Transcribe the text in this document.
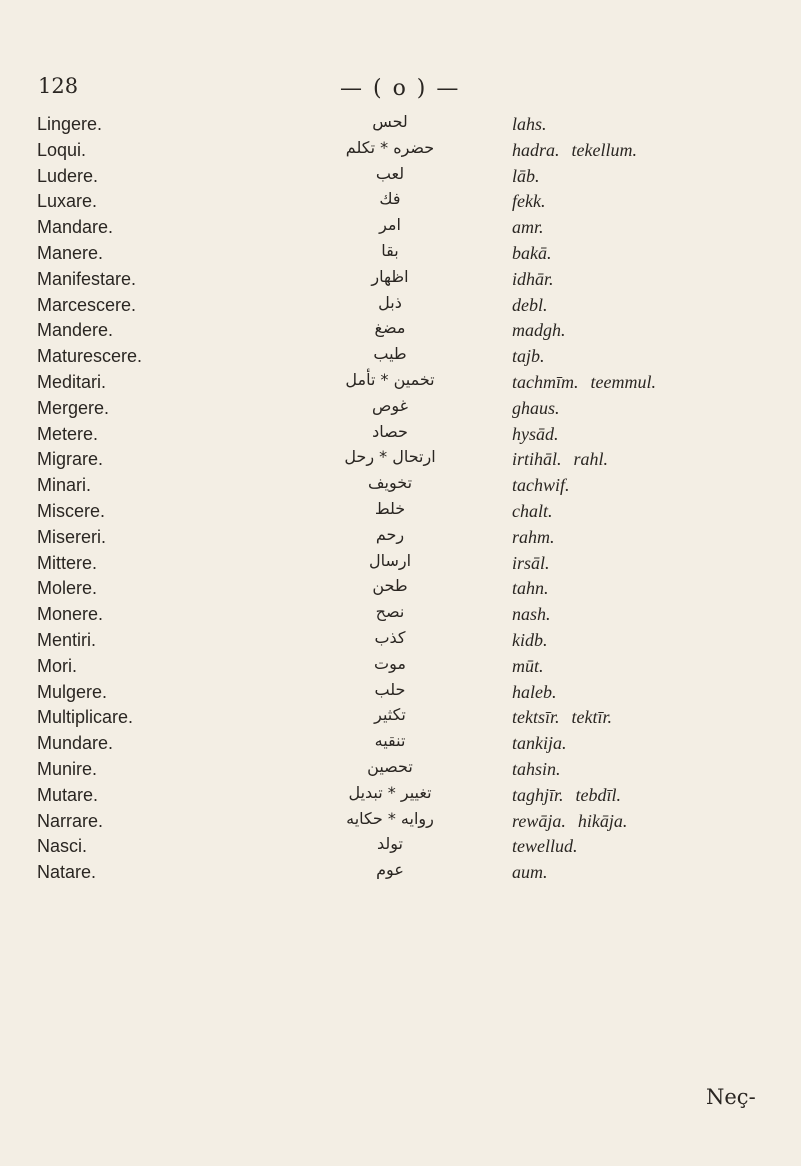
128	— ( o ) —
Lingere.	لحس	lahs.
Loqui.	حضره * تكلم	hadra. tekellum.
Ludere.	لعب	lāb.
Luxare.	فك	fekk.
Mandare.	امر	amr.
Manere.	بقا	bakā.
Manifestare.	اظهار	idhār.
Marcescere.	ذبل	debl.
Mandere.	مضغ	madgh.
Maturescere.	طيب	tajb.
Meditari.	تخمين * تأمل	tachmīm. teemmul.
Mergere.	غوص	ghaus.
Metere.	حصاد	hysād.
Migrare.	ارتحال * رحل	irtihāl. rahl.
Minari.	تخويف	tachwif.
Miscere.	خلط	chalt.
Misereri.	رحم	rahm.
Mittere.	ارسال	irsāl.
Molere.	طحن	tahn.
Monere.	نصح	nash.
Mentiri.	كذب	kidb.
Mori.	موت	mūt.
Mulgere.	حلب	haleb.
Multiplicare.	تكثير	tektsīr. tektīr.
Mundare.	تنقيه	tankija.
Munire.	تحصين	tahsin.
Mutare.	تغيير * تبديل	taghjīr. tebdīl.
Narrare.	روايه * حكايه	rewāja. hikāja.
Nasci.	تولد	tewellud.
Natare.	عوم	aum.
Neç-
